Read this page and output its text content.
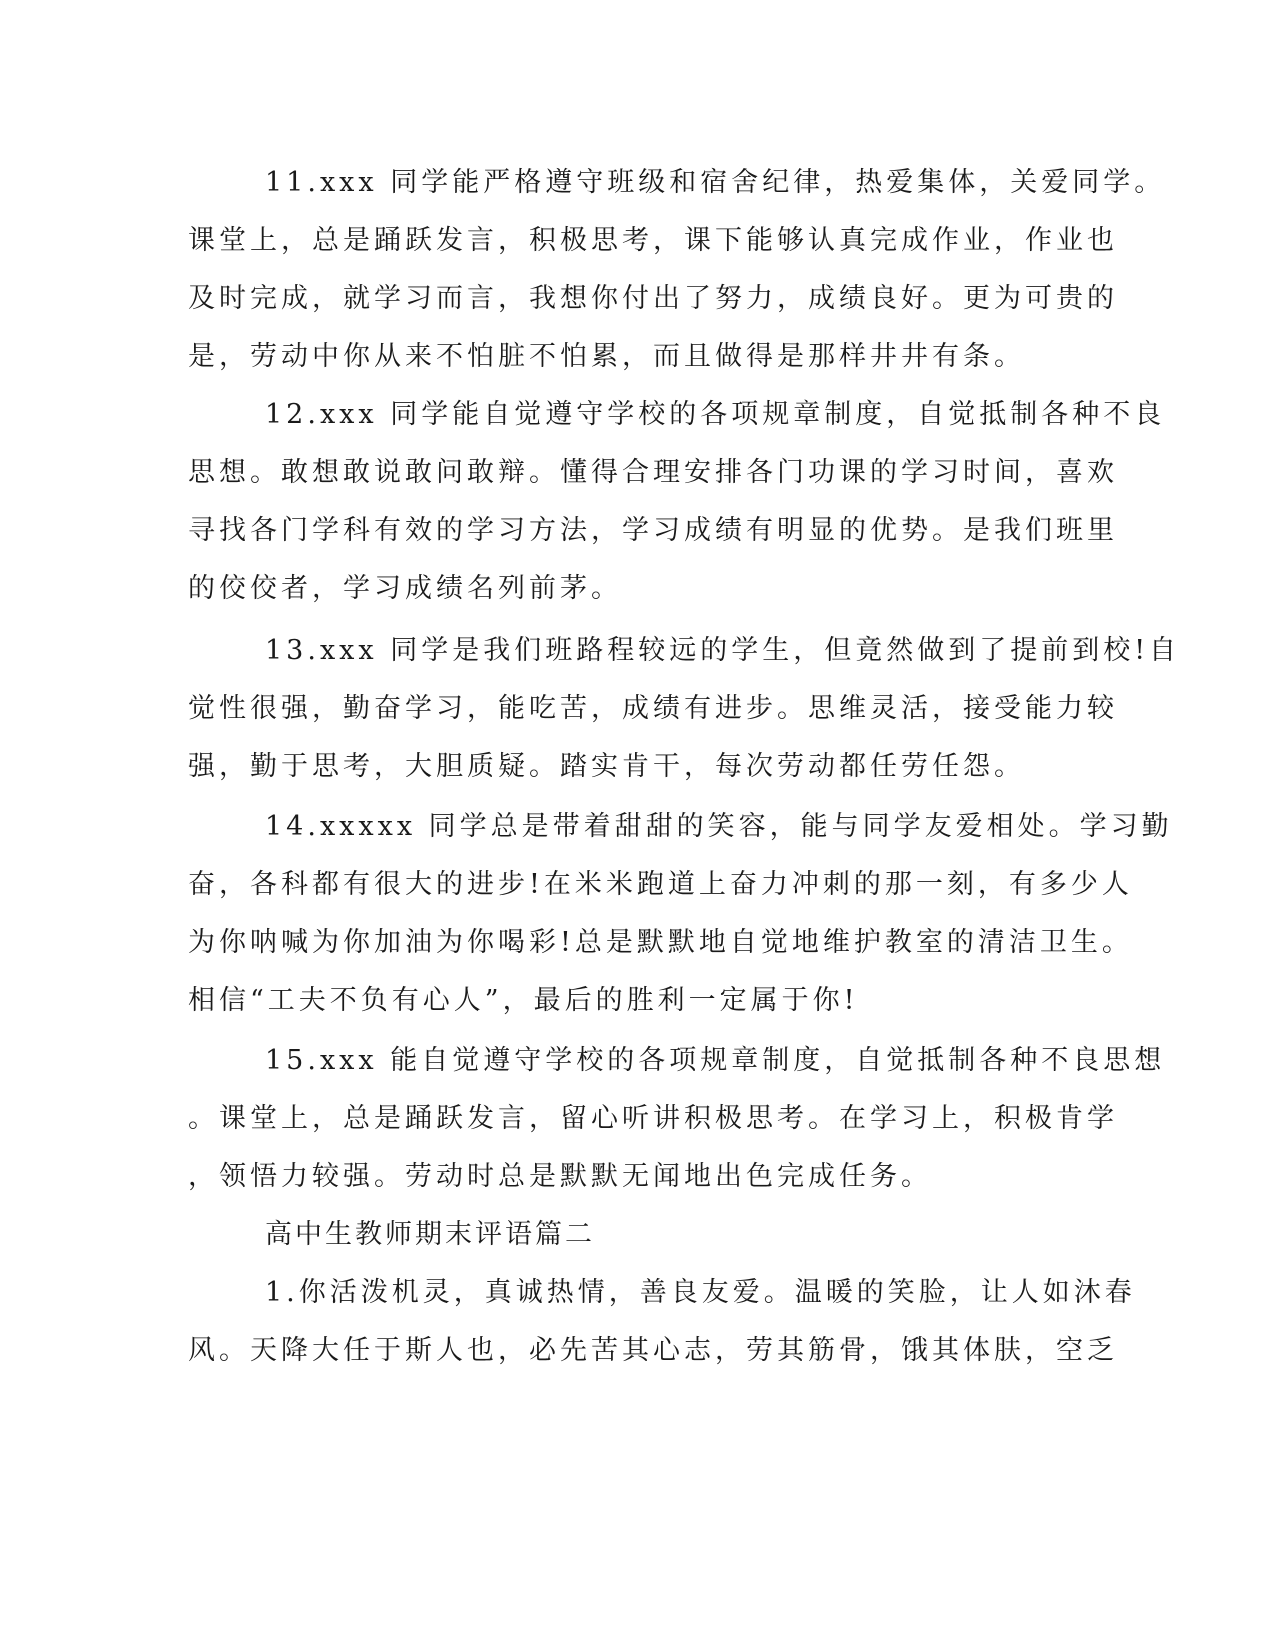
11.xxx 同学能严格遵守班级和宿舍纪律，热爱集体，关爱同学。
课堂上，总是踊跃发言，积极思考，课下能够认真完成作业，作业也
及时完成，就学习而言，我想你付出了努力，成绩良好。更为可贵的
是，劳动中你从来不怕脏不怕累，而且做得是那样井井有条。
12.xxx 同学能自觉遵守学校的各项规章制度，自觉抵制各种不良
思想。敢想敢说敢问敢辩。懂得合理安排各门功课的学习时间，喜欢
寻找各门学科有效的学习方法，学习成绩有明显的优势。是我们班里
的佼佼者，学习成绩名列前茅。
13.xxx 同学是我们班路程较远的学生，但竟然做到了提前到校!自
觉性很强，勤奋学习，能吃苦，成绩有进步。思维灵活，接受能力较
强，勤于思考，大胆质疑。踏实肯干，每次劳动都任劳任怨。
14.xxxxx 同学总是带着甜甜的笑容，能与同学友爱相处。学习勤
奋，各科都有很大的进步!在米米跑道上奋力冲刺的那一刻，有多少人
为你呐喊为你加油为你喝彩!总是默默地自觉地维护教室的清洁卫生。
相信“工夫不负有心人”，最后的胜利一定属于你!
15.xxx 能自觉遵守学校的各项规章制度，自觉抵制各种不良思想
。课堂上，总是踊跃发言，留心听讲积极思考。在学习上，积极肯学
，领悟力较强。劳动时总是默默无闻地出色完成任务。
高中生教师期末评语篇二
1.你活泼机灵，真诚热情，善良友爱。温暖的笑脸，让人如沐春
风。天降大任于斯人也，必先苦其心志，劳其筋骨，饿其体肤，空乏
